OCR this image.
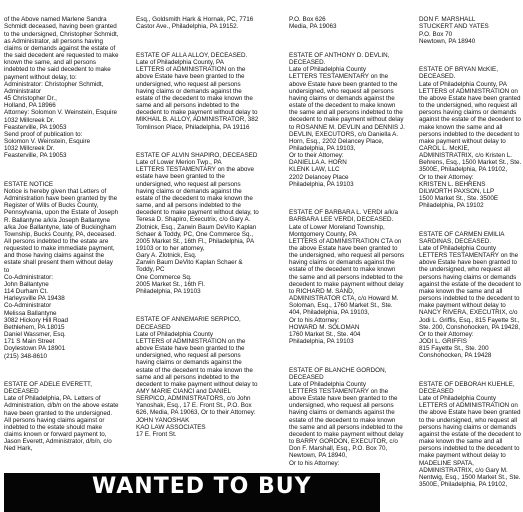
of the Above named Marlene Sandra Schmidt deceased, having been granted to the undersigned, Christopher Schmidt, as Administrator, all persons having claims or demands against the estate of the said decedent are requested to make known the same, and all persons indebted to the said decedent to make payment without delay, to:
Administrator: Christopher Schmidt, Administrator
45 Christopher Dr.,
Holland, PA 18966
Attorney: Solomon V. Weinstein, Esquire
1032 Millcreek Dr.
Feasterville, PA 19053
Send proof of publication to:
Solomon V. Weinstein, Esquire
1032 Millcreek Dr.
Feasterville, PA 19053

ESTATE NOTICE
Notice is hereby given that Letters of Administration have been granted by the Register of Wills of Bucks County, Pennsylvania, upon the Estate of Joseph R. Ballantyne a/k/a Joseph Ballantyne a/ka Joe Ballantyne, late of Buckingham Township, Bucks County, PA, deceased.
All persons indebted to the estate are requested to make immediate payment, and those having claims against the estate shall present them without delay to
Co-Administrator:
John Ballantyne
114 Durham Ct.
Harleysville PA 19438
Co-Administrator
Melissa Ballantyne
3082 Hickory Hill Road
Bethlehem, PA 18015
Daniel Wassmer, Esq.
171 S Main Street
Doylestown PA 18901
(215) 348-8610

ESTATE OF ADELE EVERETT, DECEASED
Late of Philadelphia, PA. Letters of Administration, d/b/n on the above estate have been granted to the undersigned. All persons having claims against or indebted to the estate should make claims known or forward payment to, Jason Everett, Administrator, d/b/n, c/o Ned Hark,

Esq., Goldsmith Hark & Hornak, PC, 7716 Castor Ave., Philadelphia, PA 19152.

ESTATE OF ALLA ALLOY, DECEASED.
Late of Philadelphia County, PA
LETTERS of ADMINISTRATION on the above Estate have been granted to the undersigned, who request all persons having claims or demands against the estate of the decedent to make known the same and all persons indebted to the decedent to make payment without delay to MIKHAIL B. ALLOY, ADMINISTRATOR, 382 Tomlinson Place, Philadelphia, PA 19116

ESTATE OF ALVIN SHAPIRO, DECEASED
Late of Lower Merion Twp., PA
LETTERS TESTAMENTARY on the above estate have been granted to the undersigned, who request all persons having claims or demands against the estate of the decedent to make known the same, and all persons indebted to the decedent to make payment without delay, to Teresa D. Shapiro, Executrix, c/o Gary A. Zlotnick, Esq., Zarwin Baum DeVito Kaplan Schaer & Toddy, PC, One Commerce Sq., 2005 Market St., 16th Fl., Philadelphia, PA 19103 or to her attorney,
Gary A. Zlotnick, Esq.
Zarwin Baum DeVito Kaplan Schaer & Toddy, PC
One Commerce Sq.
2005 Market St., 16th Fl.
Philadelphia, PA 19103

ESTATE OF ANNEMARIE SERPICO, DECEASED
Late of Philadelphia County
LETTERS of ADMINISTRATION on the above Estate have been granted to the undersigned, who request all persons having claims or demands against the estate of the decedent to make known the same and all persons indebted to the decedent to make payment without delay to AMY MARIE CIANCI and DANIEL SERPICO, ADMINISTRATORS, c/o John Yanoshak, Esq., 17 E. Front St., P.O. Box 626, Media, PA 19063, Or to their Attorney:
JOHN YANOSHAK
KAO LAW ASSOCIATES
17 E. Front St.

P.O. Box 626
Media, PA 19063

ESTATE OF ANTHONY D. DEVLIN, DECEASED.
Late of Philadelphia County
LETTERS TESTAMENTARY on the above Estate have been granted to the undersigned, who request all persons having claims or demands against the estate of the decedent to make known the same and all persons indebted to the decedent to make payment without delay to ROSANNE M. DEVLIN and DENNIS J. DEVLIN, EXECUTORS, c/o Daniella A. Horn, Esq., 2202 Delancey Place, Philadelphia, PA 19103,
Or to their Attorney:
DANIELLA A. HORN
KLENK LAW, LLC
2202 Delancey Place
Philadelphia, PA 19103

ESTATE OF BARBARA L. VERDI a/k/a BARBARA LEE VERDI, DECEASED.
Late of Lower Moreland Township, Montgomery County, PA
LETTERS of ADMINISTRATION CTA on the above Estate have been granted to the undersigned, who request all persons having claims or demands against the estate of the decedent to make known the same and all persons indebted to the decedent to make payment without delay to RICHARD M. SAND, ADMINISTRATOR CTA, c/o Howard M. Soloman, Esq., 1760 Market St., Ste. 404, Philadelphia, PA 19103,
Or to his Attorney:
HOWARD M. SOLOMAN
1760 Market St., Ste. 404
Philadelphia, PA 19103

ESTATE OF BLANCHE GORDON, DECEASED
Late of Philadelphia County
LETTERS TESTAMENTARY on the above Estate have been granted to the undersigned, who request all persons having claims or demands against the estate of the decedent to make known the same and all persons indebted to the decedent to make payment without delay to BARRY GORDON, EXECUTOR, c/o Don F. Marshall, Esq., P.O. Box 70, Newtown, PA 18940,
Or to his Attorney:

DON F. MARSHALL
STUCKERT AND YATES
P.O. Box 70
Newtown, PA 18940

ESTATE OF BRYAN McKIE, DECEASED.
Late of Philadelphia County, PA
LETTERS of ADMINISTRATION on the above Estate have been granted to the undersigned, who request all persons having claims or demands against the estate of the decedent to make known the same and all persons indebted to the decedent to make payment without delay to CAROL L. McKIE, ADMINISTRATRIX, c/o Kristen L. Behrens, Esq., 1500 Market St., Ste. 3500E, Philadelphia, PA 19102,
Or to their Attorney:
KRISTEN L. BEHRENS
DILWORTH PAXSON, LLP
1500 Market St., Ste. 3500E
Philadelphia, PA 19102

ESTATE OF CARMEN EMILIA SARDINAS, DECEASED.
Late of Philadelphia County
LETTERS TESTAMENTARY on the above Estate have been granted to the undersigned, who request all persons having claims or demands against the estate of the decedent to make known the same and all persons indebted to the decedent to make payment without delay to NANCY RIVERA, EXECUTRIX, c/o Jodi L. Griffis, Esq., 815 Fayette St., Ste. 200, Conshohocken, PA 19428,
Or to their Attorney:
JODI L. GRIFFIS
815 Fayette St., Ste. 200
Conshohocken, PA 19428

ESTATE OF DEBORAH KUEHLE, DECEASED
Late of Philadelphia County
LETTERS of ADMINISTRATION on the above Estate have been granted to the undersigned, who request all persons having claims or demands against the estate of the decedent to make known the same and all persons indebted to the decedent to make payment without delay to MADELINE SPATA, ADMINISTRATRIX, c/o Gary M. Nentwig, Esq., 1500 Market St., Ste. 3500E, Philadelphia, PA 19102,

WANTED TO BUY
